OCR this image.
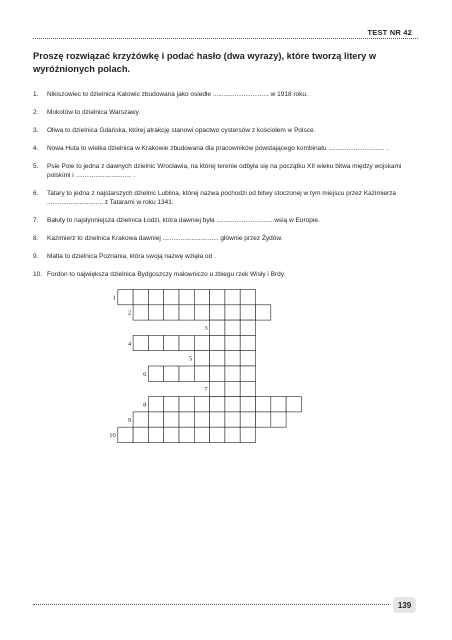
TEST NR 42

Proszę rozwiązać krzyżówkę i podać hasło (dwa wyrazy), które tworzą litery w wyróżnionych polach.

1. Nikiszowiec to dzielnica Katowic zbudowana jako osiedle ............................... w 1918 roku.
2. Mokotów to dzielnica Warszawy.
3. Oliwa to dzielnica Gdańska, której atrakcję stanowi opactwo cystersów z kościołem w Polsce.
4. Nowa Huta to wielka dzielnica w Krakowie zbudowana dla pracowników powstającego kombinatu ............................... .
5. Psie Pole to jedna z dawnych dzielnic Wrocławia, na której terenie odbyła się na początku XII wieku bitwa między wojskami polskimi i ............................... .
6. Tatary to jedna z najstarszych dzielnic Lublina, której nazwa pochodzi od bitwy stoczonej w tym miejscu przez Kazimierza ............................... z Tatarami w roku 1341.
7. Bałuty to najsłynniejsza dzielnica Łodzi, która dawniej była ............................... wsią w Europie.
8. Kazimierz to dzielnica Krakowa dawniej ............................... głównie przez Żydów.
9. Malta to dzielnica Poznania, która swoją nazwę wzięła od .
10. Fordon to największa dzielnica Bydgoszczy malowniczo u zbiegu rzek Wisły i Brdy.
1
2
3
4
5
6
7
8
9
10
139
